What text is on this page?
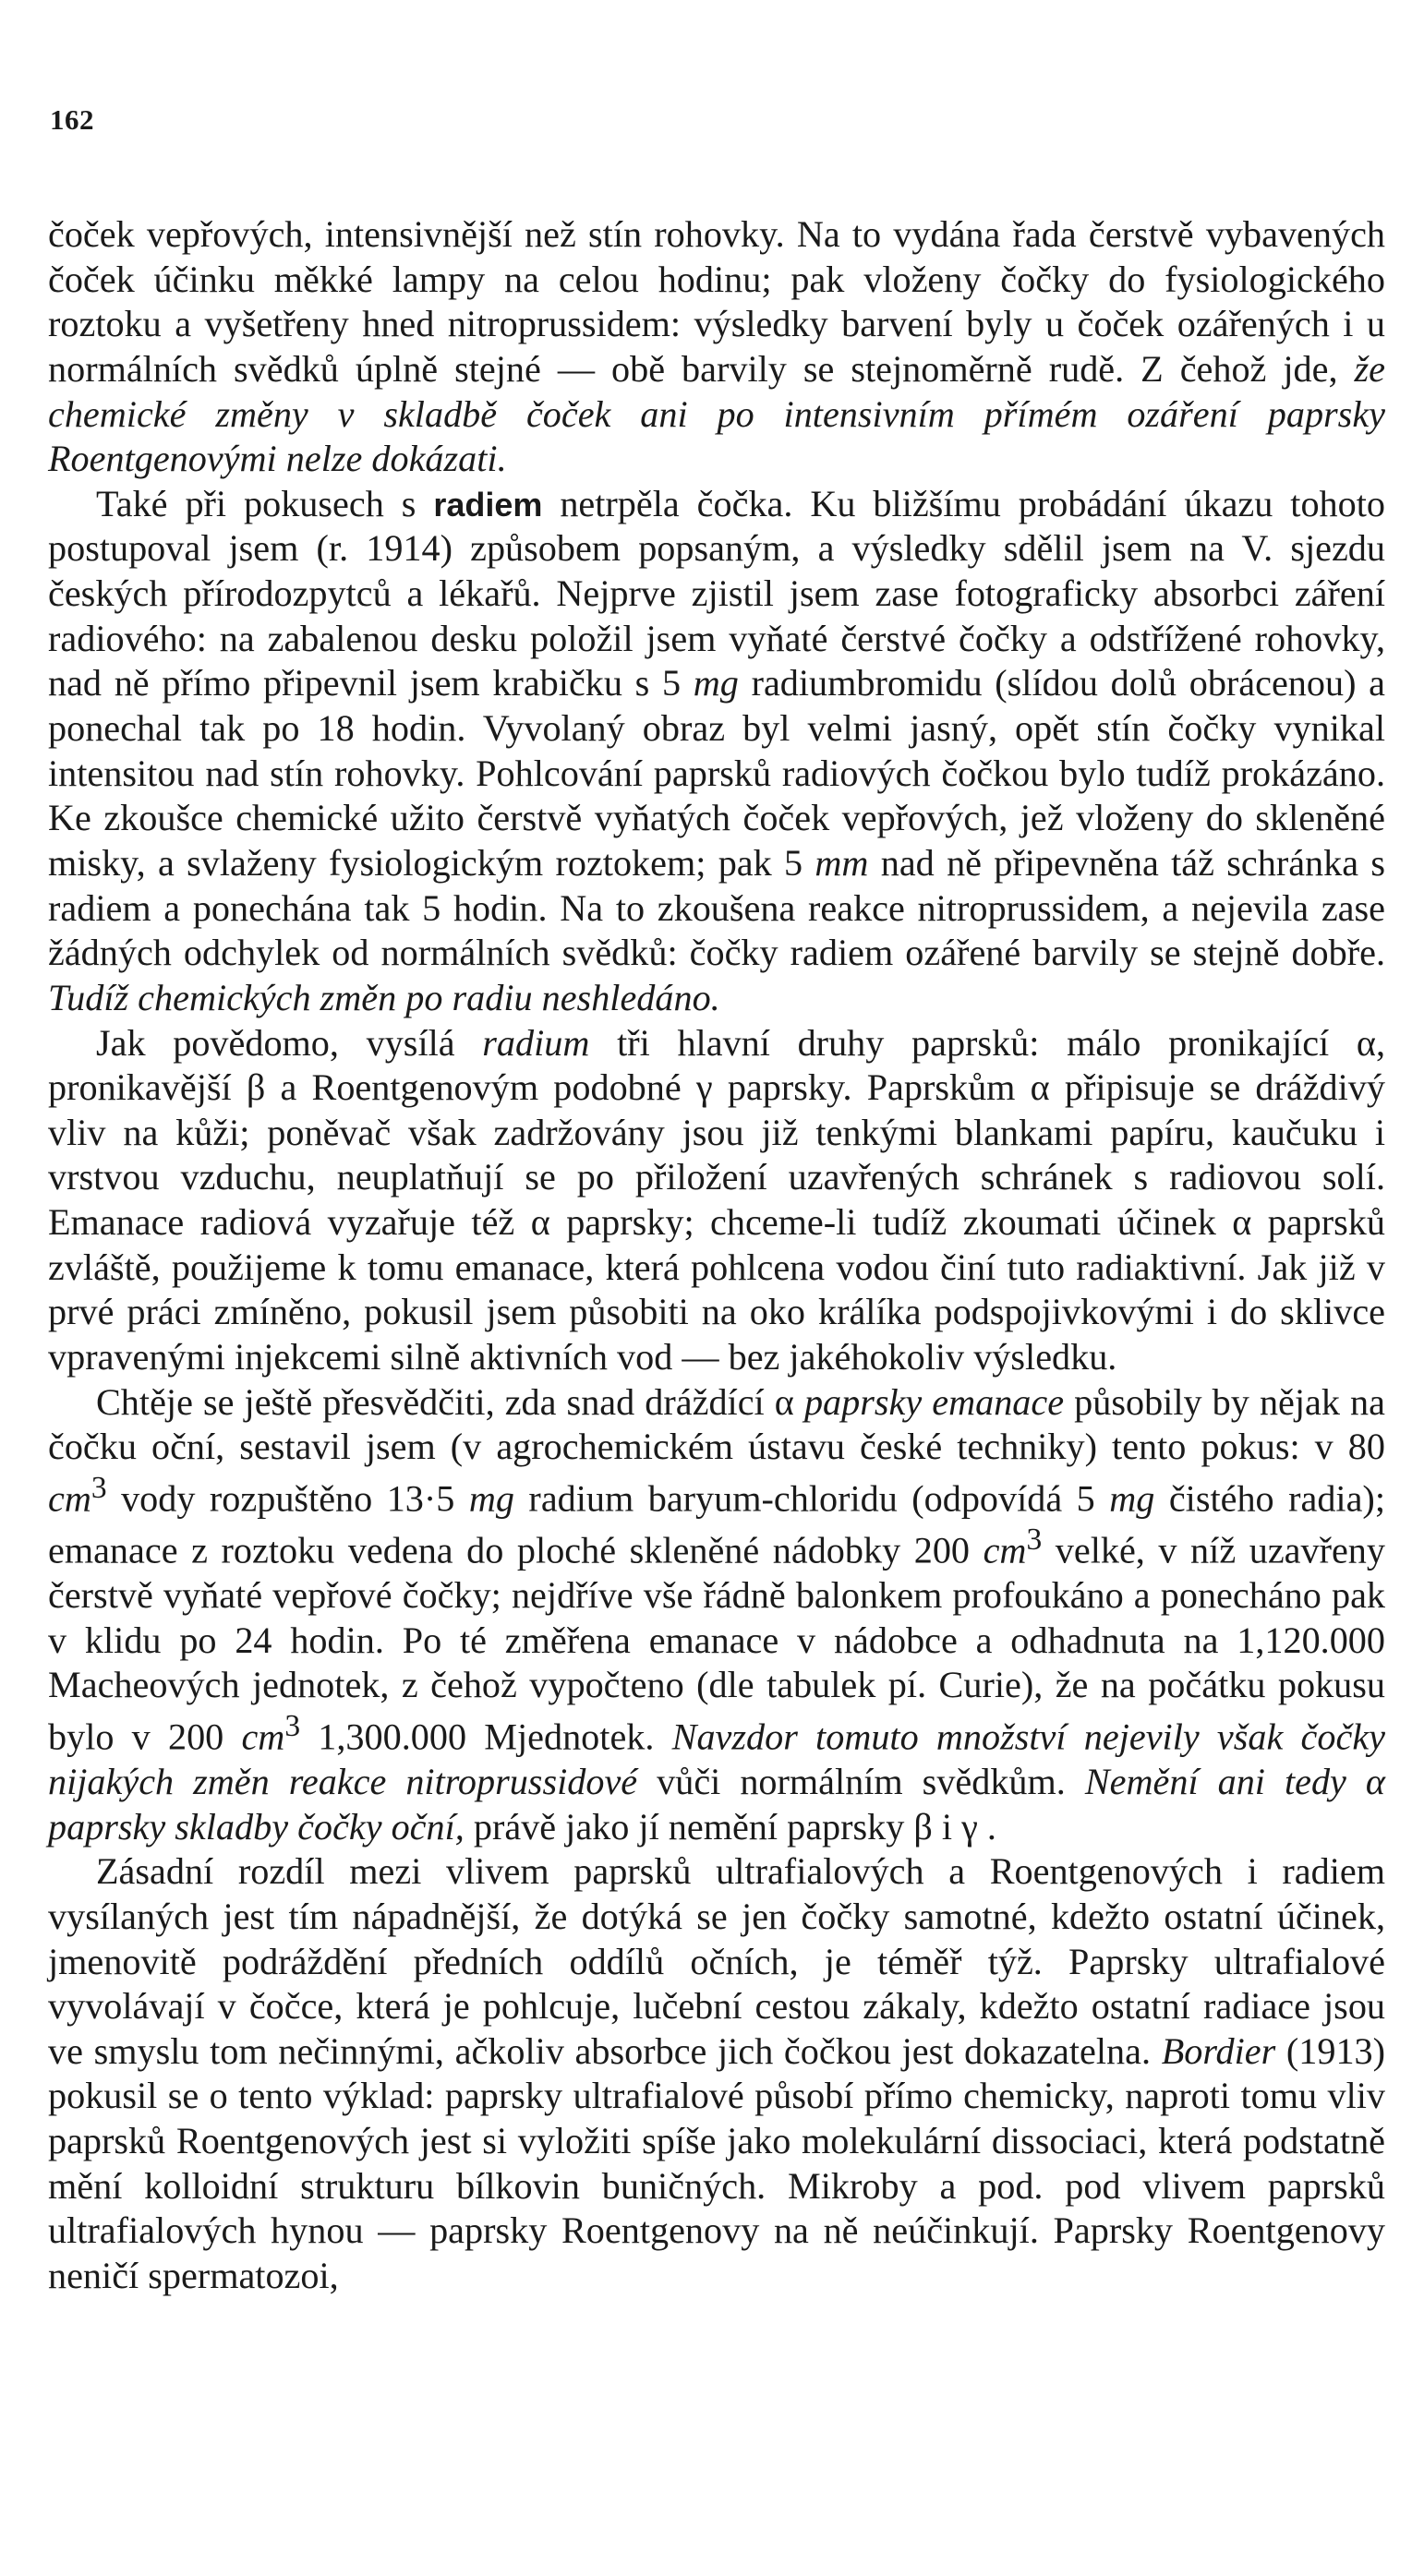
162

čoček vepřových, intensivnější než stín rohovky. Na to vydána řada čerstvě vybavených čoček účinku měkké lampy na celou hodinu; pak vloženy čočky do fysiologického roztoku a vyšetřeny hned nitroprussidem: výsledky barvení byly u čoček ozářených i u normálních svědků úplně stejné — obě barvily se stejnoměrně rudě. Z čehož jde, že chemické změny v skladbě čoček ani po intensivním přímém ozáření paprsky Roentgenovými nelze dokázati.

Také při pokusech s radiem netrpěla čočka. Ku bližšímu probádání úkazu tohoto postupoval jsem (r. 1914) způsobem popsaným, a výsledky sdělil jsem na V. sjezdu českých přírodozpytců a lékařů. Nejprve zjistil jsem zase fotograficky absorbci záření radiového: na zabalenou desku položil jsem vyňaté čerstvé čočky a odstřížené rohovky, nad ně přímo připevnil jsem krabičku s 5 mg radiumbromidu (slídou dolů obrácenou) a ponechal tak po 18 hodin. Vyvolaný obraz byl velmi jasný, opět stín čočky vynikal intensitou nad stín rohovky. Pohlcování paprsků radiových čočkou bylo tudíž prokázáno. Ke zkoušce chemické užito čerstvě vyňatých čoček vepřových, jež vloženy do skleněné misky, a svlaženy fysiologickým roztokem; pak 5 mm nad ně připevněna táž schránka s radiem a ponechána tak 5 hodin. Na to zkoušena reakce nitroprussidem, a nejevila zase žádných odchylek od normálních svědků: čočky radiem ozářené barvily se stejně dobře. Tudíž chemických změn po radiu neshledáno.

Jak povědomo, vysílá radium tři hlavní druhy paprsků: málo pronikající α, pronikavější β a Roentgenovým podobné γ paprsky. Paprskům α připisuje se dráždivý vliv na kůži; poněvač však zadržovány jsou již tenkými blankami papíru, kaučuku i vrstvou vzduchu, neuplatňují se po přiložení uzavřených schránek s radiovou solí. Emanace radiová vyzařuje též α paprsky; chceme-li tudíž zkoumati účinek α paprsků zvláště, použijeme k tomu emanace, která pohlcena vodou činí tuto radiaktivní. Jak již v prvé práci zmíněno, pokusil jsem působiti na oko králíka podspojivkovými i do sklivce vpravenými injekcemi silně aktivních vod — bez jakéhokoliv výsledku.

Chtěje se ještě přesvědčiti, zda snad dráždící α paprsky emanace působily by nějak na čočku oční, sestavil jsem (v agrochemickém ústavu české techniky) tento pokus: v 80 $cm^3$ vody rozpuštěno 13·5 mg radium baryum-chloridu (odpovídá 5 mg čistého radia); emanace z roztoku vedena do ploché skleněné nádobky 200 $cm^3$ velké, v níž uzavřeny čerstvě vyňaté vepřové čočky; nejdříve vše řádně balonkem profoukáno a ponecháno pak v klidu po 24 hodin. Po té změřena emanace v nádobce a odhadnuta na 1,120.000 Macheových jednotek, z čehož vypočteno (dle tabulek pí. Curie), že na počátku pokusu bylo v 200 $cm^3$ 1,300.000 Mjednotek. Navzdor tomuto množství nejevily však čočky nijakých změn reakce nitroprussidové vůči normálním svědkům. Nemění ani tedy α paprsky skladby čočky oční, právě jako jí nemění paprsky β i γ .

Zásadní rozdíl mezi vlivem paprsků ultrafialových a Roentgenových i radiem vysílaných jest tím nápadnější, že dotýká se jen čočky samotné, kdežto ostatní účinek, jmenovitě podráždění předních oddílů očních, je téměř týž. Paprsky ultrafialové vyvolávají v čočce, která je pohlcuje, lučební cestou zákaly, kdežto ostatní radiace jsou ve smyslu tom nečinnými, ačkoliv absorbce jich čočkou jest dokazatelna. Bordier (1913) pokusil se o tento výklad: paprsky ultrafialové působí přímo chemicky, naproti tomu vliv paprsků Roentgenových jest si vyložiti spíše jako molekulární dissociaci, která podstatně mění kolloidní strukturu bílkovin buničných. Mikroby a pod. pod vlivem paprsků ultrafialových hynou — paprsky Roentgenovy na ně neúčinkují. Paprsky Roentgenovy neničí spermatozoi,
